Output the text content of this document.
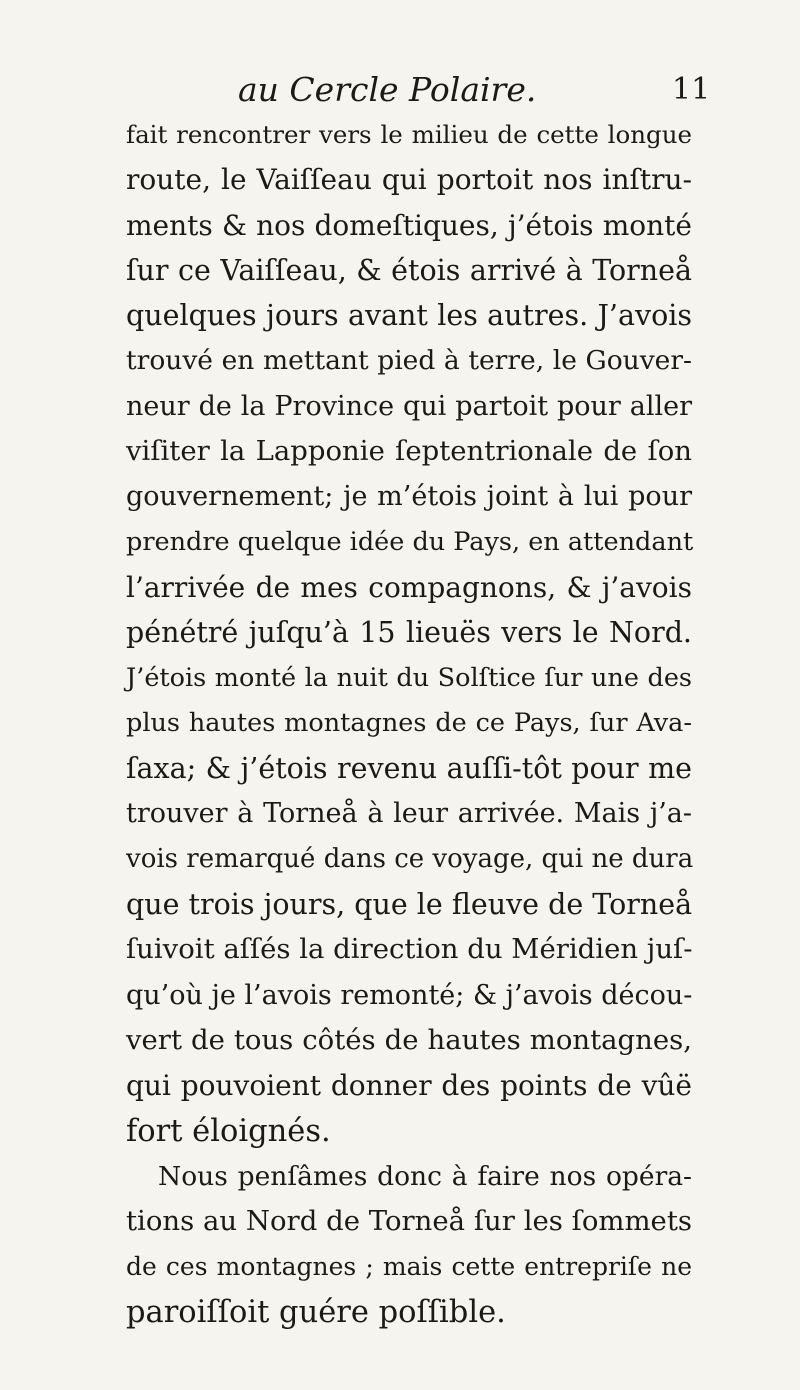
au Cercle Polaire.	11
fait rencontrer vers le milieu de cette longue
route, le Vaiſſeau qui portoit nos inſtru-
ments & nos domeſtiques, j’étois monté
ſur ce Vaiſſeau, & étois arrivé à Torneå
quelques jours avant les autres. J’avois
trouvé en mettant pied à terre, le Gouver-
neur de la Province qui partoit pour aller
viſiter la Lapponie ſeptentrionale de ſon
gouvernement; je m’étois joint à lui pour
prendre quelque idée du Pays, en attendant
l’arrivée de mes compagnons, & j’avois
pénétré juſqu’à 15 lieuës vers le Nord.
J’étois monté la nuit du Solſtice ſur une des
plus hautes montagnes de ce Pays, ſur Ava-
ſaxa; & j’étois revenu auſſi-tôt pour me
trouver à Torneå à leur arrivée. Mais j’a-
vois remarqué dans ce voyage, qui ne dura
que trois jours, que le fleuve de Torneå
ſuivoit aſſés la direction du Méridien juſ-
qu’où je l’avois remonté; & j’avois décou-
vert de tous côtés de hautes montagnes,
qui pouvoient donner des points de vûë
fort éloignés.
Nous penſâmes donc à faire nos opéra-
tions au Nord de Torneå ſur les ſommets
de ces montagnes ; mais cette entrepriſe ne
paroiſſoit guére poſſible.
